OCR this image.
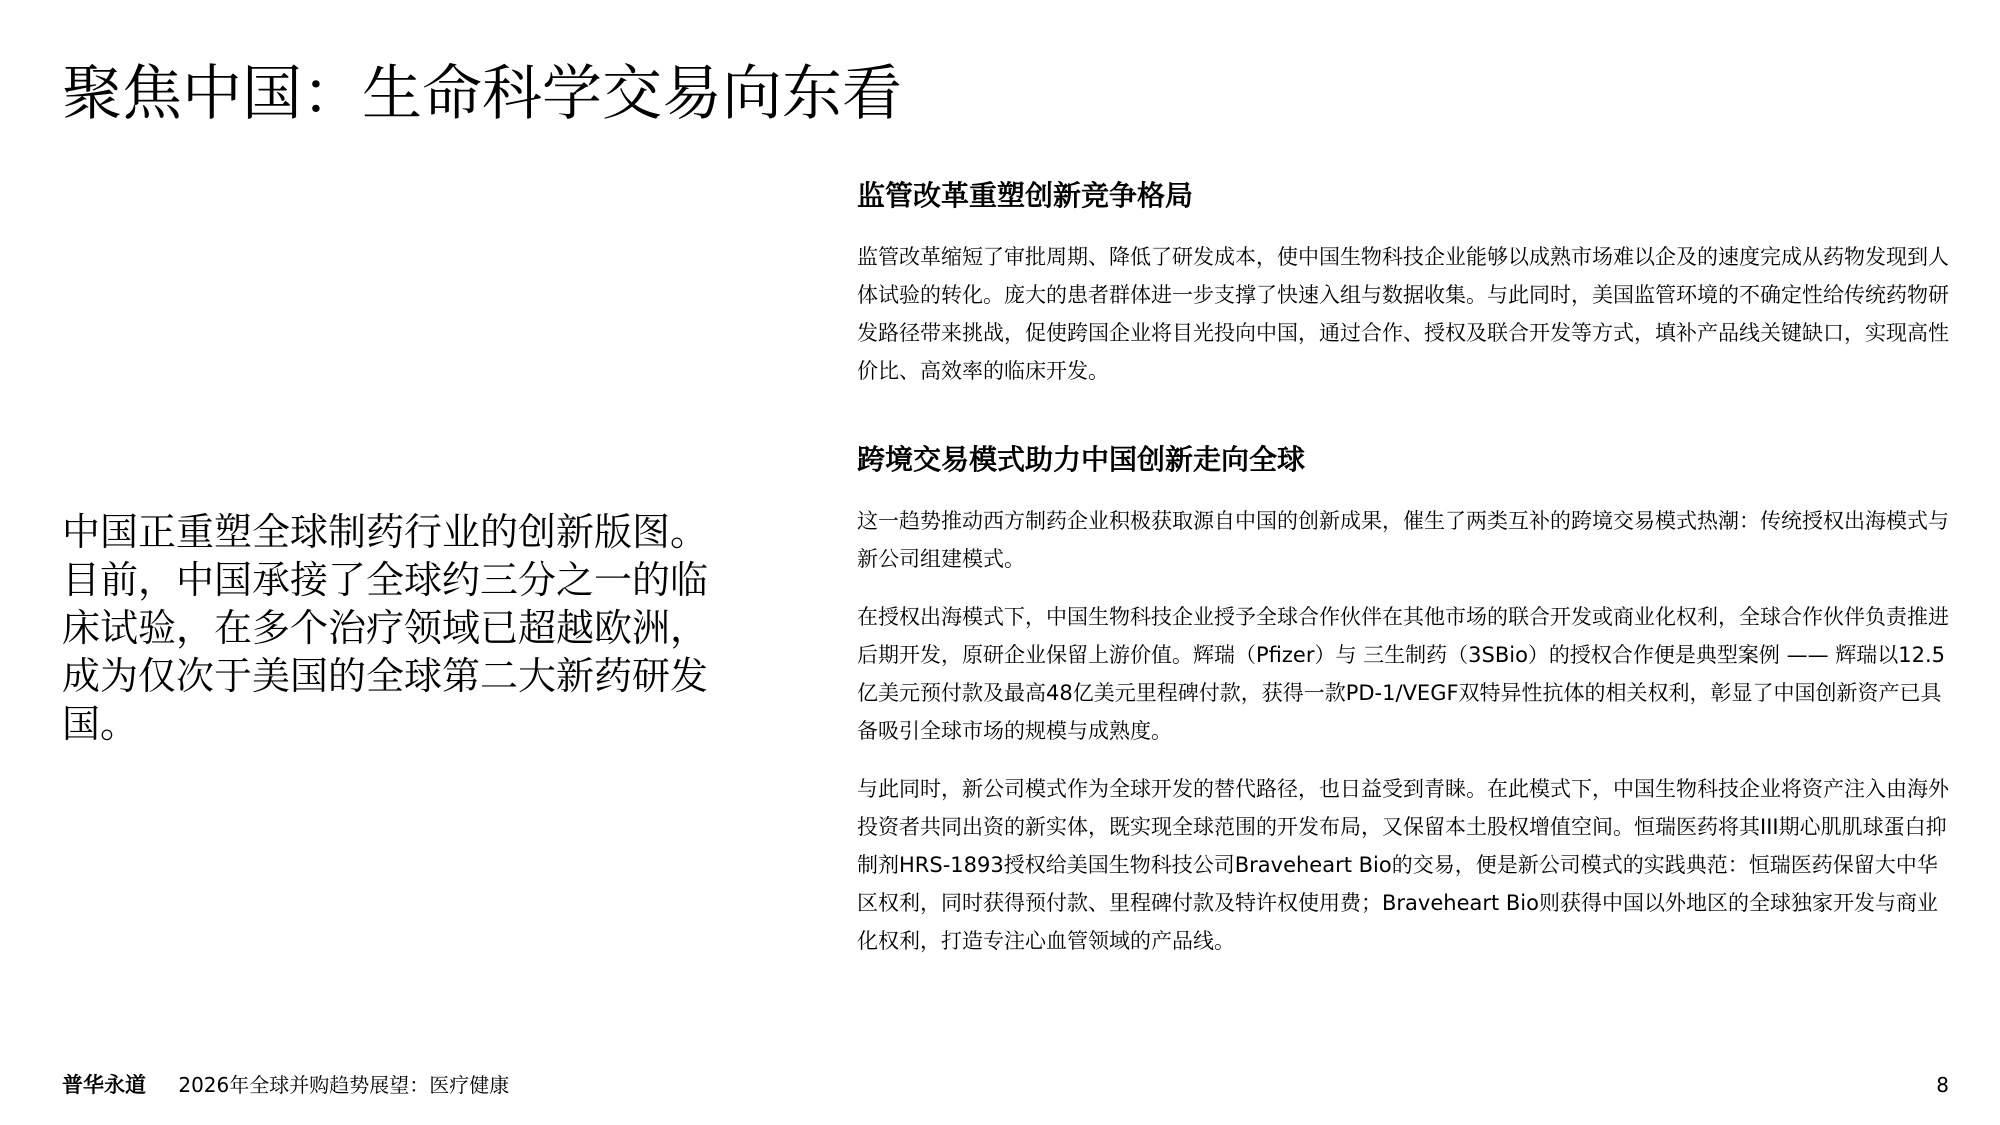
聚焦中国：生命科学交易向东看

中国正重塑全球制药行业的创新版图。目前，中国承接了全球约三分之一的临床试验，在多个治疗领域已超越欧洲，成为仅次于美国的全球第二大新药研发国。

监管改革重塑创新竞争格局

监管改革缩短了审批周期、降低了研发成本，使中国生物科技企业能够以成熟市场难以企及的速度完成从药物发现到人体试验的转化。庞大的患者群体进一步支撑了快速入组与数据收集。与此同时，美国监管环境的不确定性给传统药物研发路径带来挑战，促使跨国企业将目光投向中国，通过合作、授权及联合开发等方式，填补产品线关键缺口，实现高性价比、高效率的临床开发。

跨境交易模式助力中国创新走向全球

这一趋势推动西方制药企业积极获取源自中国的创新成果，催生了两类互补的跨境交易模式热潮：传统授权出海模式与新公司组建模式。

在授权出海模式下，中国生物科技企业授予全球合作伙伴在其他市场的联合开发或商业化权利，全球合作伙伴负责推进后期开发，原研企业保留上游价值。辉瑞（Pfizer）与 三生制药（3SBio）的授权合作便是典型案例 —— 辉瑞以12.5亿美元预付款及最高48亿美元里程碑付款，获得一款PD-1/VEGF双特异性抗体的相关权利，彰显了中国创新资产已具备吸引全球市场的规模与成熟度。

与此同时，新公司模式作为全球开发的替代路径，也日益受到青睐。在此模式下，中国生物科技企业将资产注入由海外投资者共同出资的新实体，既实现全球范围的开发布局，又保留本土股权增值空间。恒瑞医药将其III期心肌肌球蛋白抑制剂HRS-1893授权给美国生物科技公司Braveheart Bio的交易，便是新公司模式的实践典范：恒瑞医药保留大中华区权利，同时获得预付款、里程碑付款及特许权使用费；Braveheart Bio则获得中国以外地区的全球独家开发与商业化权利，打造专注心血管领域的产品线。

普华永道 2026年全球并购趋势展望：医疗健康	8
